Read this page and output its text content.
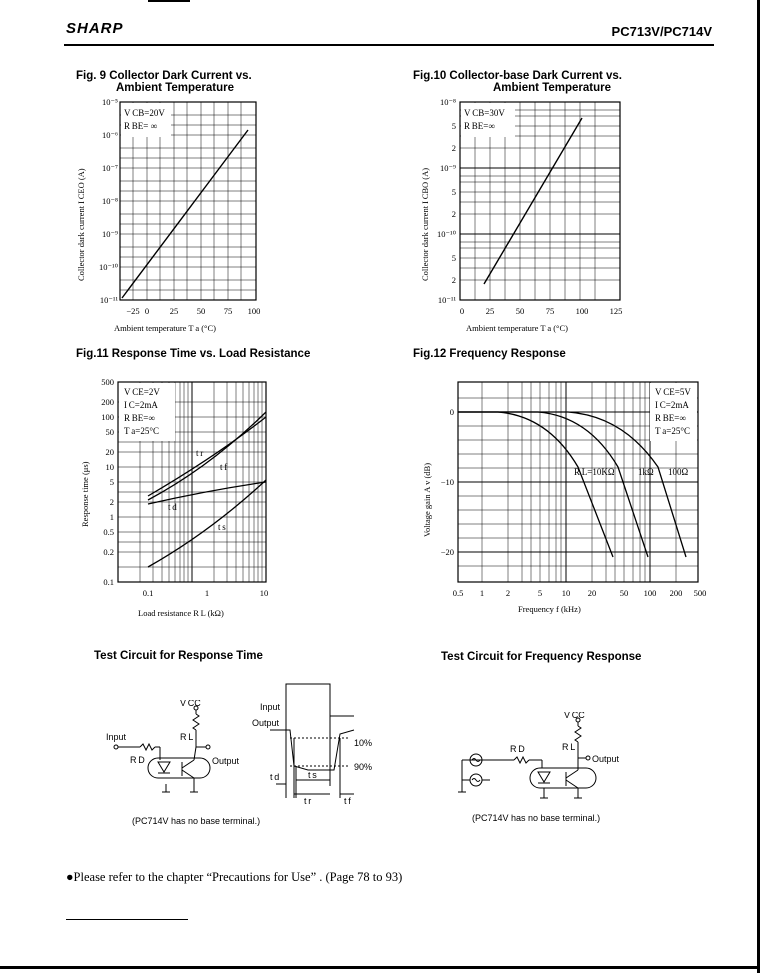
SHARP	PC713V/PC714V
Fig. 9 Collector Dark Current vs.
Ambient Temperature
V CB=20V
R BE= ∞
10⁻⁵
10⁻⁶
10⁻⁷
10⁻⁸
10⁻⁹
10⁻¹⁰
10⁻¹¹
−25 0 25 50 75 100
Ambient temperature T a (°C)
Collector dark current I CEO (A)
Fig.10 Collector-base Dark Current vs.
Ambient Temperature
V CB=30V
R BE=∞
10⁻⁸
5
2
10⁻⁹
5
2
10⁻¹⁰
5
2
10⁻¹¹
0	25	50	75	100	125
Ambient temperature T a (°C)
Collector dark current I CBO (A)
Fig.11 Response Time vs. Load Resistance
V CE=2V
I C=2mA
R BE=∞
T a=25°C
t r
t f
t d
t s
500
200
100
50
20
10
5
2
1
0.5
0.2
0.1
0.1	1	10
Load resistance R L (kΩ)
Response time (μs)
Fig.12 Frequency Response
V CE=5V
I C=2mA
R BE=∞
T a=25°C
R L=10KΩ	1kΩ 100Ω
0
−10
−20
0.5 1	2	5 10 20	50 100 200 500
Frequency f (kHz)
Voltage gain A v (dB)
Test Circuit for Response Time	Test Circuit for Frequency Response
Input
R D
V CC
R L
Output
Input
Output
10%
90%
t d	t s
t r	t f
(PC714V has no base terminal.)
R D
V CC
R L
Output
(PC714V has no base terminal.)
●Please refer to the chapter “Precautions for Use” . (Page 78 to 93)
